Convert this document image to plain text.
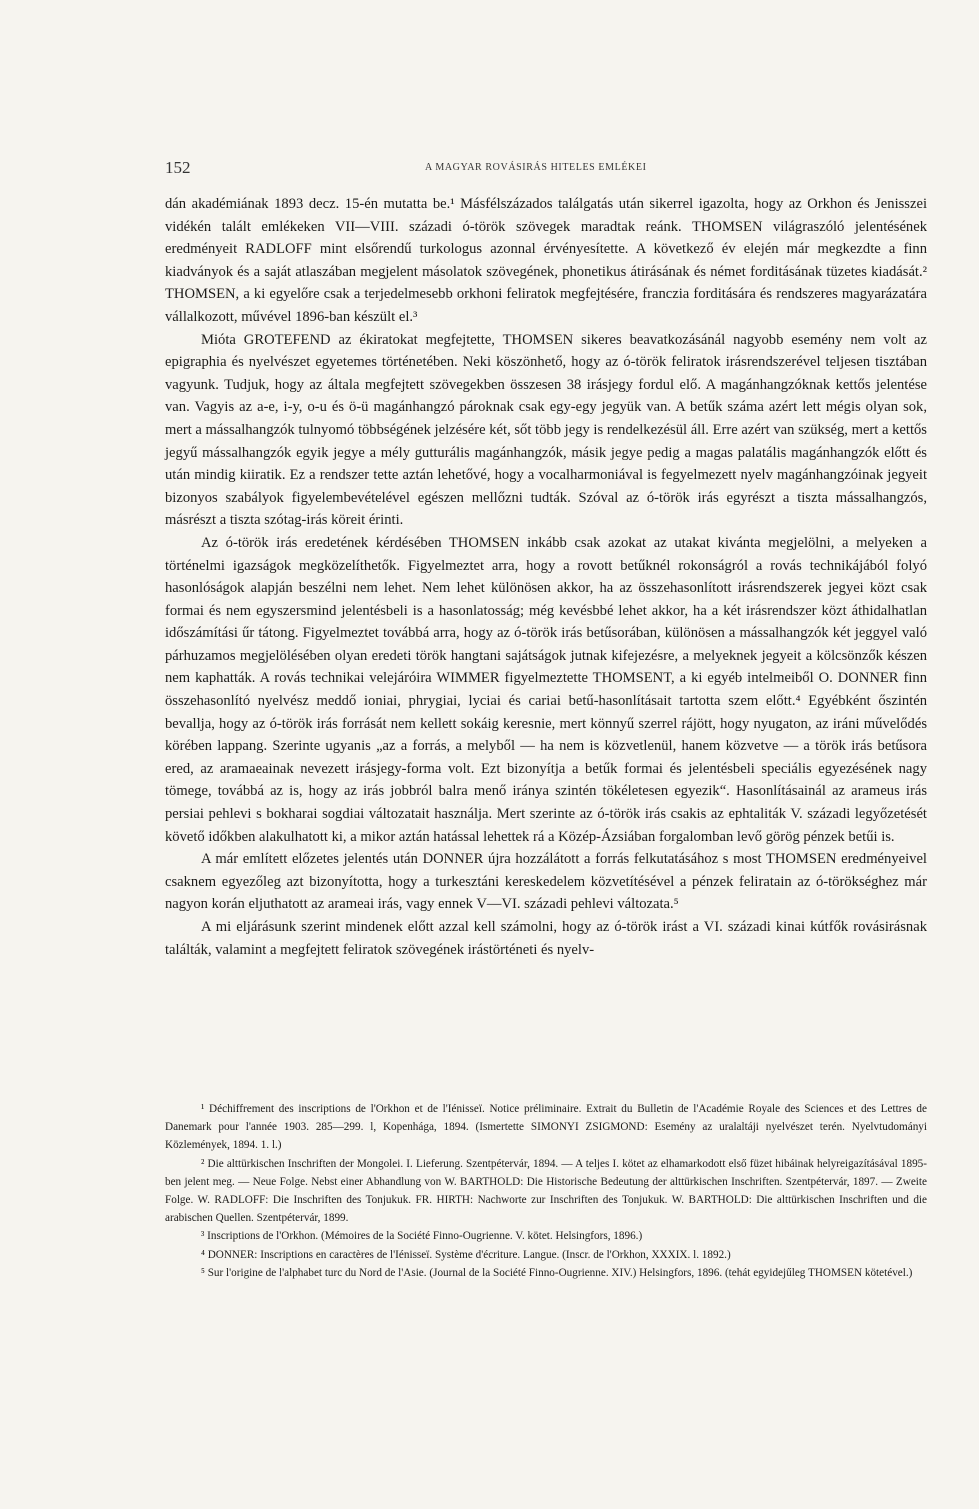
152	A MAGYAR ROVÁSIRÁS HITELES EMLÉKEI

dán akadémiának 1893 decz. 15-én mutatta be.¹ Másfélszázados találgatás után sikerrel igazolta, hogy az Orkhon és Jenisszei vidékén talált emlékeken VII—VIII. századi ó-török szövegek maradtak reánk. THOMSEN világraszóló jelentésének eredményeit RADLOFF mint elsőrendű turkologus azonnal érvényesítette. A következő év elején már megkezdte a finn kiadványok és a saját atlaszában megjelent másolatok szövegének, phonetikus átirásának és német forditásának tüzetes kiadását.² THOMSEN, a ki egyelőre csak a terjedelmesebb orkhoni feliratok megfejtésére, franczia forditására és rendszeres magyarázatára vállalkozott, művével 1896-ban készült el.³

Mióta GROTEFEND az ékiratokat megfejtette, THOMSEN sikeres beavatkozásánál nagyobb esemény nem volt az epigraphia és nyelvészet egyetemes történetében. Neki köszönhető, hogy az ó-török feliratok irásrendszerével teljesen tisztában vagyunk. Tudjuk, hogy az általa megfejtett szövegekben összesen 38 irásjegy fordul elő. A magánhangzóknak kettős jelentése van. Vagyis az a-e, i-y, o-u és ö-ü magánhangzó pároknak csak egy-egy jegyük van. A betűk száma azért lett mégis olyan sok, mert a mássalhangzók tulnyomó többségének jelzésére két, sőt több jegy is rendelkezésül áll. Erre azért van szükség, mert a kettős jegyű mássalhangzók egyik jegye a mély gutturális magánhangzók, másik jegye pedig a magas palatális magánhangzók előtt és után mindig kiiratik. Ez a rendszer tette aztán lehetővé, hogy a vocalharmoniával is fegyelmezett nyelv magánhangzóinak jegyeit bizonyos szabályok figyelembevételével egészen mellőzni tudták. Szóval az ó-török irás egyrészt a tiszta mássalhangzós, másrészt a tiszta szótag-irás köreit érinti.

Az ó-török irás eredetének kérdésében THOMSEN inkább csak azokat az utakat kivánta megjelölni, a melyeken a történelmi igazságok megközelíthetők. Figyelmeztet arra, hogy a rovott betűknél rokonságról a rovás technikájából folyó hasonlóságok alapján beszélni nem lehet. Nem lehet különösen akkor, ha az összehasonlított irásrendszerek jegyei közt csak formai és nem egyszersmind jelentésbeli is a hasonlatosság; még kevésbbé lehet akkor, ha a két irásrendszer közt áthidalhatlan időszámítási űr tátong. Figyelmeztet továbbá arra, hogy az ó-török irás betűsorában, különösen a mássalhangzók két jeggyel való párhuzamos megjelölésében olyan eredeti török hangtani sajátságok jutnak kifejezésre, a melyeknek jegyeit a kölcsönzők készen nem kaphatták. A rovás technikai velejáróira WIMMER figyelmeztette THOMSENT, a ki egyéb intelmeiből O. DONNER finn összehasonlító nyelvész meddő ioniai, phrygiai, lyciai és cariai betű-hasonlításait tartotta szem előtt.⁴ Egyébként őszintén bevallja, hogy az ó-török irás forrását nem kellett sokáig keresnie, mert könnyű szerrel rájött, hogy nyugaton, az iráni művelődés körében lappang. Szerinte ugyanis „az a forrás, a melyből — ha nem is közvetlenül, hanem közvetve — a török irás betűsora ered, az aramaeainak nevezett irásjegy-forma volt. Ezt bizonyítja a betűk formai és jelentésbeli speciális egyezésének nagy tömege, továbbá az is, hogy az irás jobbról balra menő iránya szintén tökéletesen egyezik“. Hasonlításainál az arameus irás persiai pehlevi s bokharai sogdiai változatait használja. Mert szerinte az ó-török irás csakis az ephtaliták V. századi legyőzetését követő időkben alakulhatott ki, a mikor aztán hatással lehettek rá a Közép-Ázsiában forgalomban levő görög pénzek betűi is.

A már említett előzetes jelentés után DONNER újra hozzálátott a forrás felkutatásához s most THOMSEN eredményeivel csaknem egyezőleg azt bizonyította, hogy a turkesztáni kereskedelem közvetítésével a pénzek feliratain az ó-törökséghez már nagyon korán eljuthatott az arameai irás, vagy ennek V—VI. századi pehlevi változata.⁵

A mi eljárásunk szerint mindenek előtt azzal kell számolni, hogy az ó-török irást a VI. századi kinai kútfők rovásirásnak találták, valamint a megfejtett feliratok szövegének irástörténeti és nyelv-

¹ Déchiffrement des inscriptions de l'Orkhon et de l'Iénisseï. Notice préliminaire. Extrait du Bulletin de l'Académie Royale des Sciences et des Lettres de Danemark pour l'année 1903. 285—299. l, Kopenhága, 1894. (Ismertette SIMONYI ZSIGMOND: Esemény az uralaltáji nyelvészet terén. Nyelvtudományi Közlemények, 1894. 1. l.)

² Die alttürkischen Inschriften der Mongolei. I. Lieferung. Szentpétervár, 1894. — A teljes I. kötet az elhamarkodott első füzet hibáinak helyreigazításával 1895-ben jelent meg. — Neue Folge. Nebst einer Abhandlung von W. BARTHOLD: Die Historische Bedeutung der alttürkischen Inschriften. Szentpétervár, 1897. — Zweite Folge. W. RADLOFF: Die Inschriften des Tonjukuk. FR. HIRTH: Nachworte zur Inschriften des Tonjukuk. W. BARTHOLD: Die alttürkischen Inschriften und die arabischen Quellen. Szentpétervár, 1899.

³ Inscriptions de l'Orkhon. (Mémoires de la Société Finno-Ougrienne. V. kötet. Helsingfors, 1896.)

⁴ DONNER: Inscriptions en caractères de l'Iénisseï. Système d'écriture. Langue. (Inscr. de l'Orkhon, XXXIX. l. 1892.)

⁵ Sur l'origine de l'alphabet turc du Nord de l'Asie. (Journal de la Société Finno-Ougrienne. XIV.) Helsingfors, 1896. (tehát egyidejűleg THOMSEN kötetével.)
